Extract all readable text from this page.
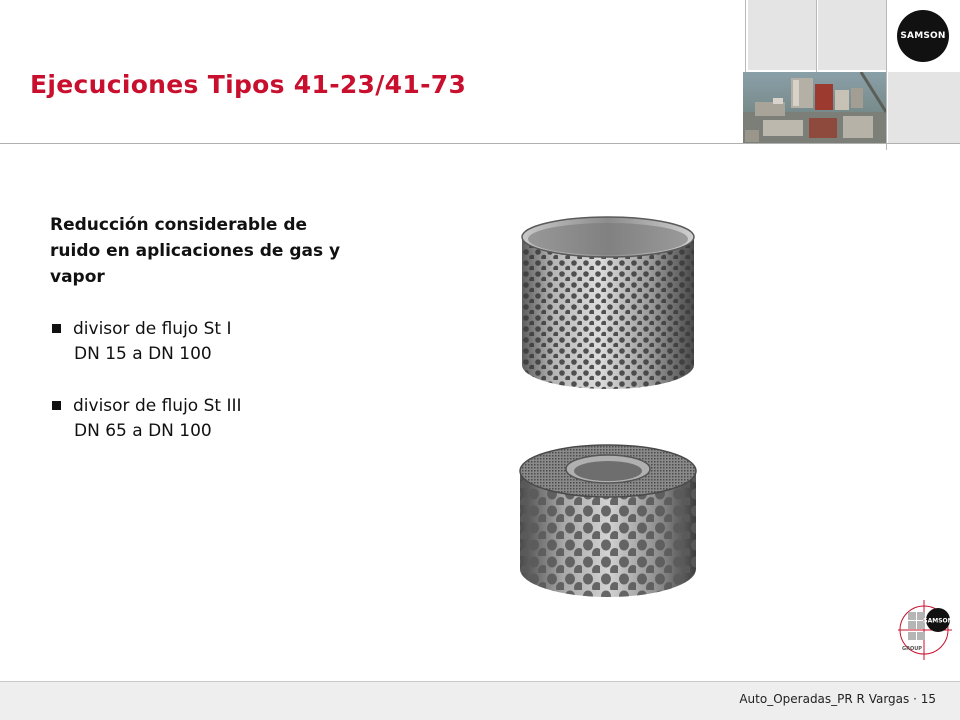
SAMSON
Ejecuciones Tipos 41-23/41-73
Reducción considerable de ruido en aplicaciones de gas y vapor
divisor de flujo St I
DN 15 a DN 100
divisor de flujo St III
DN 65 a DN 100
SAMSON
GROUP
Auto_Operadas_PR R Vargas · 15
